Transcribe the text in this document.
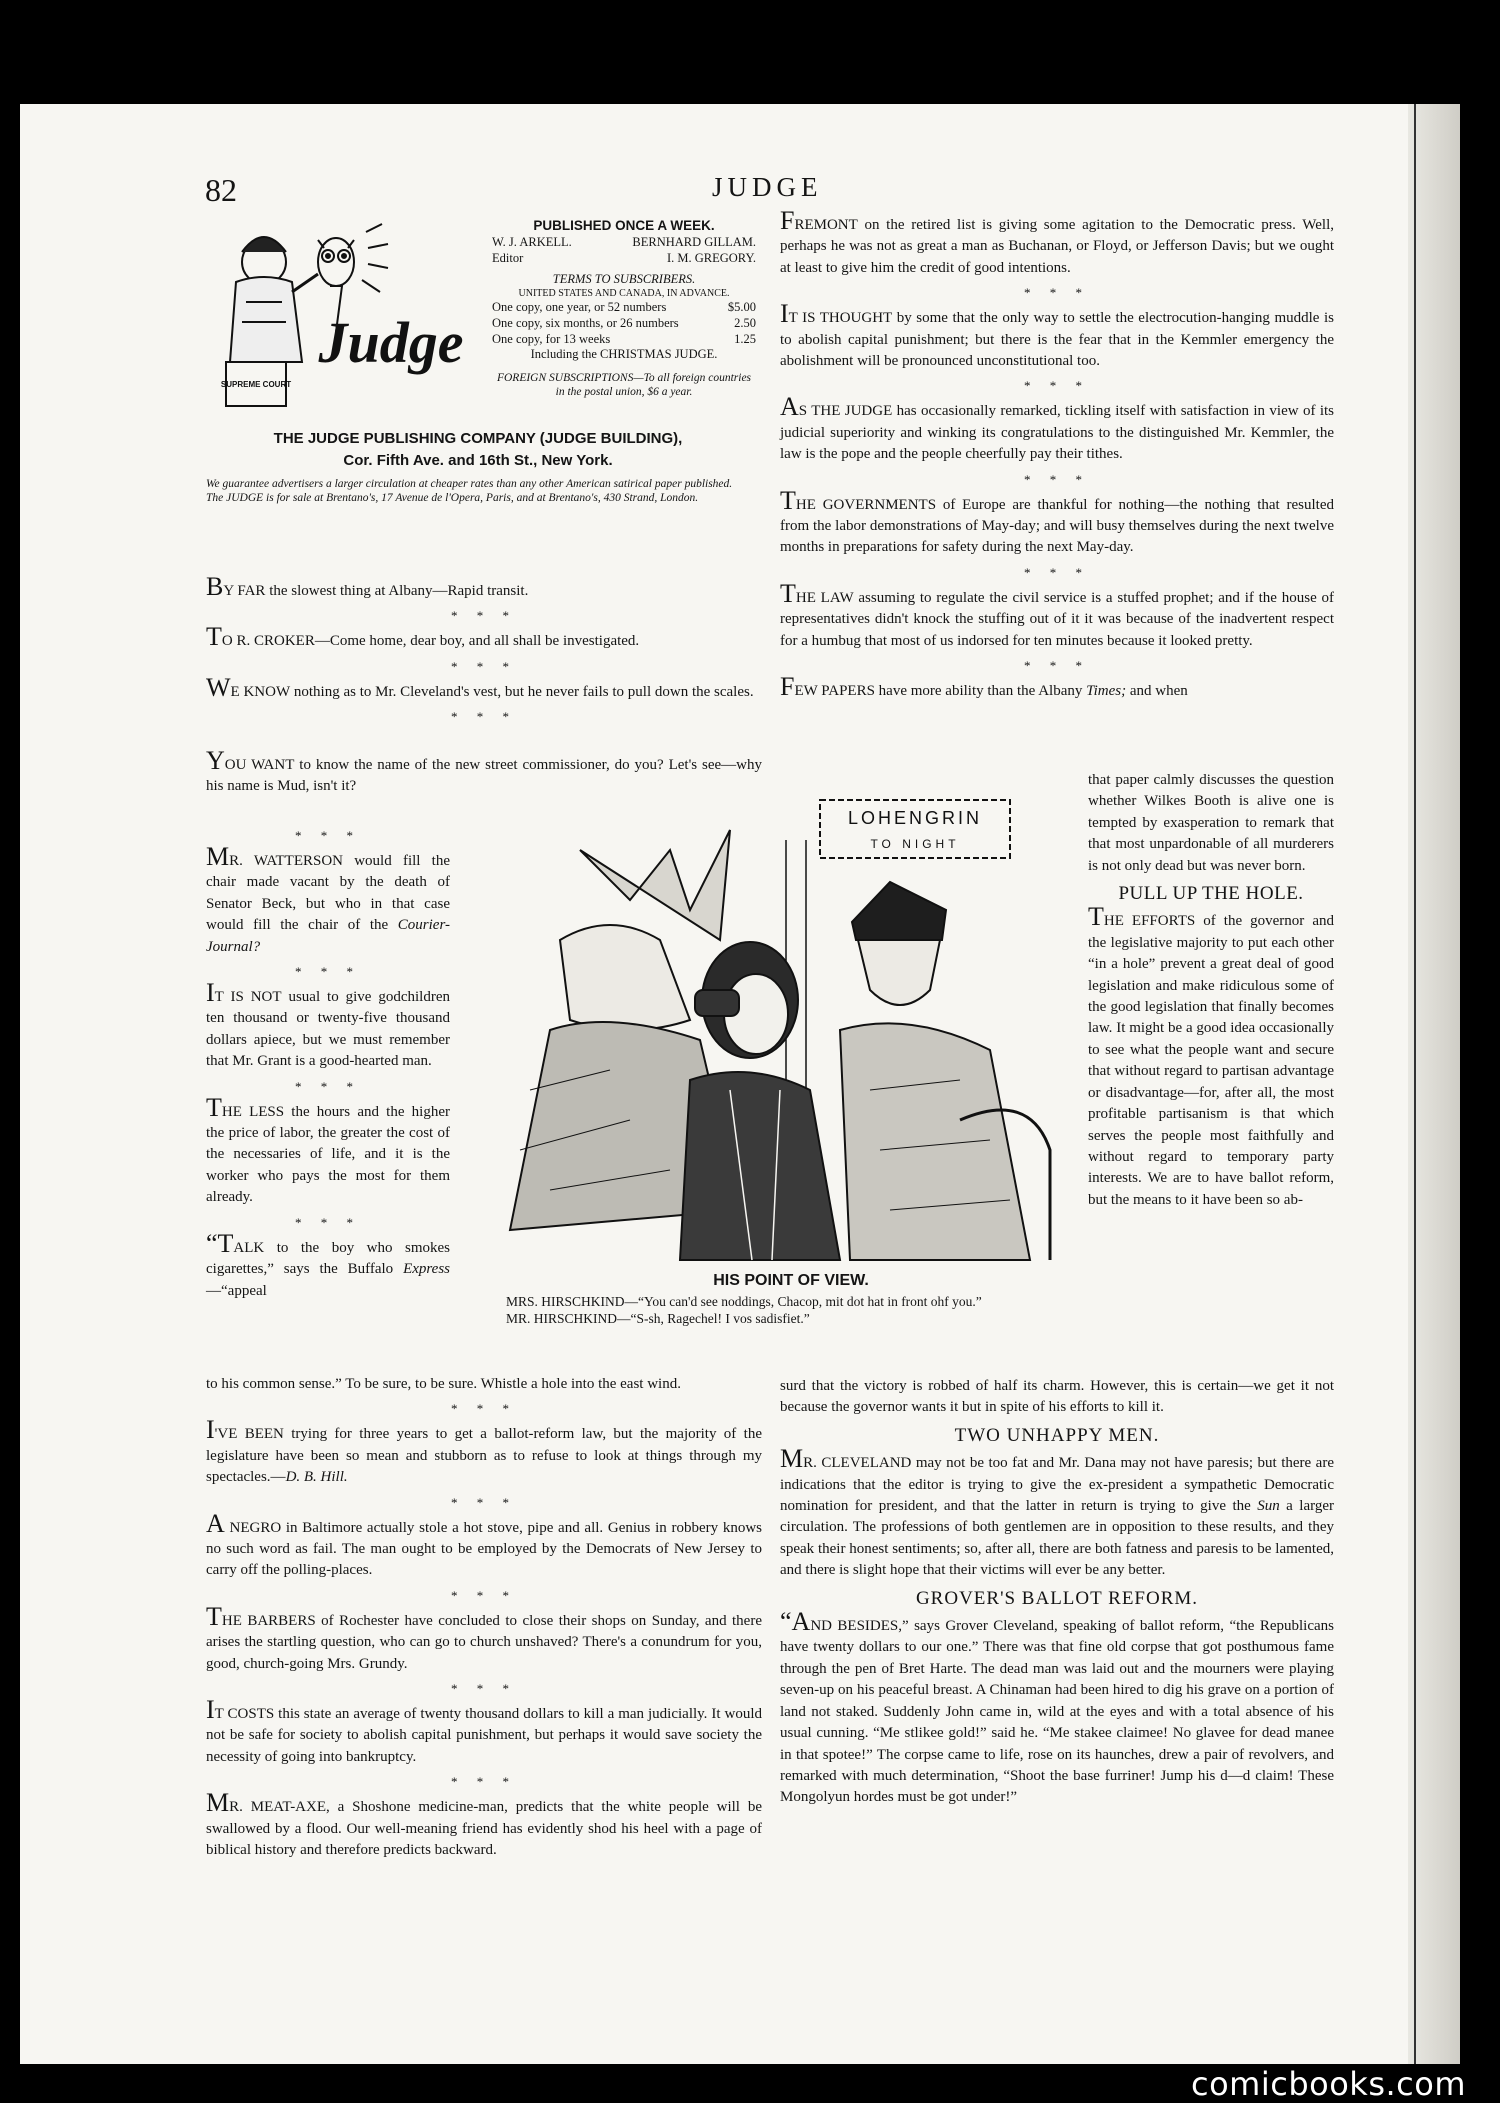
82	JUDGE
SUPREME COURT
Judge
PUBLISHED ONCE A WEEK.
W. J. ARKELL.	BERNHARD GILLAM.
Editor	I. M. GREGORY.
TERMS TO SUBSCRIBERS.
UNITED STATES AND CANADA, IN ADVANCE.
One copy, one year, or 52 numbers	$5.00
One copy, six months, or 26 numbers	2.50
One copy, for 13 weeks	1.25
Including the CHRISTMAS JUDGE.
FOREIGN SUBSCRIPTIONS—To all foreign countries in the postal union, $6 a year.
THE JUDGE PUBLISHING COMPANY (JUDGE BUILDING),
Cor. Fifth Ave. and 16th St., New York.
We guarantee advertisers a larger circulation at cheaper rates than any other American satirical paper published.
The JUDGE is for sale at Brentano's, 17 Avenue de l'Opera, Paris, and at Brentano's, 430 Strand, London.

BY FAR the slowest thing at Albany—Rapid transit.

* * *

TO R. CROKER—Come home, dear boy, and all shall be investigated.

* * *

WE KNOW nothing as to Mr. Cleveland's vest, but he never fails to pull down the scales.

* * *

YOU WANT to know the name of the new street commissioner, do you? Let's see—why his name is Mud, isn't it?

* * *

MR. WATTERSON would fill the chair made vacant by the death of Senator Beck, but who in that case would fill the chair of the Courier-Journal?

* * *

IT IS NOT usual to give godchildren ten thousand or twenty-five thousand dollars apiece, but we must remember that Mr. Grant is a good-hearted man.

* * *

THE LESS the hours and the higher the price of labor, the greater the cost of the necessaries of life, and it is the worker who pays the most for them already.

* * *

“TALK to the boy who smokes cigarettes,” says the Buffalo Express—“appeal

to his common sense.” To be sure, to be sure. Whistle a hole into the east wind.

* * *

I'VE BEEN trying for three years to get a ballot-reform law, but the majority of the legislature have been so mean and stubborn as to refuse to look at things through my spectacles.—D. B. Hill.

* * *

A NEGRO in Baltimore actually stole a hot stove, pipe and all. Genius in robbery knows no such word as fail. The man ought to be employed by the Democrats of New Jersey to carry off the polling-places.

* * *

THE BARBERS of Rochester have concluded to close their shops on Sunday, and there arises the startling question, who can go to church unshaved? There's a conundrum for you, good, church-going Mrs. Grundy.

* * *

IT COSTS this state an average of twenty thousand dollars to kill a man judicially. It would not be safe for society to abolish capital punishment, but perhaps it would save society the necessity of going into bankruptcy.

* * *

MR. MEAT-AXE, a Shoshone medicine-man, predicts that the white people will be swallowed by a flood. Our well-meaning friend has evidently shod his heel with a page of biblical history and therefore predicts backward.

FREMONT on the retired list is giving some agitation to the Democratic press. Well, perhaps he was not as great a man as Buchanan, or Floyd, or Jefferson Davis; but we ought at least to give him the credit of good intentions.

* * *

IT IS THOUGHT by some that the only way to settle the electrocution-hanging muddle is to abolish capital punishment; but there is the fear that in the Kemmler emergency the abolishment will be pronounced unconstitutional too.

* * *

AS THE JUDGE has occasionally remarked, tickling itself with satisfaction in view of its judicial superiority and winking its congratulations to the distinguished Mr. Kemmler, the law is the pope and the people cheerfully pay their tithes.

* * *

THE GOVERNMENTS of Europe are thankful for nothing—the nothing that resulted from the labor demonstrations of May-day; and will busy themselves during the next twelve months in preparations for safety during the next May-day.

* * *

THE LAW assuming to regulate the civil service is a stuffed prophet; and if the house of representatives didn't knock the stuffing out of it it was because of the inadvertent respect for a humbug that most of us indorsed for ten minutes because it looked pretty.

* * *

FEW PAPERS have more ability than the Albany Times; and when

that paper calmly discusses the question whether Wilkes Booth is alive one is tempted by exasperation to remark that that most unpardonable of all murderers is not only dead but was never born.

PULL UP THE HOLE.

THE EFFORTS of the governor and the legislative majority to put each other “in a hole” prevent a great deal of good legislation and make ridiculous some of the good legislation that finally becomes law. It might be a good idea occasionally to see what the people want and secure that without regard to partisan advantage or disadvantage—for, after all, the most profitable partisanism is that which serves the people most faithfully and without regard to temporary party interests. We are to have ballot reform, but the means to it have been so ab-

surd that the victory is robbed of half its charm. However, this is certain—we get it not because the governor wants it but in spite of his efforts to kill it.

TWO UNHAPPY MEN.

MR. CLEVELAND may not be too fat and Mr. Dana may not have paresis; but there are indications that the editor is trying to give the ex-president a sympathetic Democratic nomination for president, and that the latter in return is trying to give the Sun a larger circulation. The professions of both gentlemen are in opposition to these results, and they speak their honest sentiments; so, after all, there are both fatness and paresis to be lamented, and there is slight hope that their victims will ever be any better.

GROVER'S BALLOT REFORM.

“AND BESIDES,” says Grover Cleveland, speaking of ballot reform, “the Republicans have twenty dollars to our one.” There was that fine old corpse that got posthumous fame through the pen of Bret Harte. The dead man was laid out and the mourners were playing seven-up on his peaceful breast. A Chinaman had been hired to dig his grave on a portion of land not staked. Suddenly John came in, wild at the eyes and with a total absence of his usual cunning. “Me stlikee gold!” said he. “Me stakee claimee! No glavee for dead manee in that spotee!” The corpse came to life, rose on its haunches, drew a pair of revolvers, and remarked with much determination, “Shoot the base furriner! Jump his d—d claim! These Mongolyun hordes must be got under!”

LOHENGRIN
TO NIGHT
HIS POINT OF VIEW.
MRS. HIRSCHKIND—“You can'd see noddings, Chacop, mit dot hat in front ohf you.”
MR. HIRSCHKIND—“S-sh, Ragechel! I vos sadisfiet.”
comicbooks.com
